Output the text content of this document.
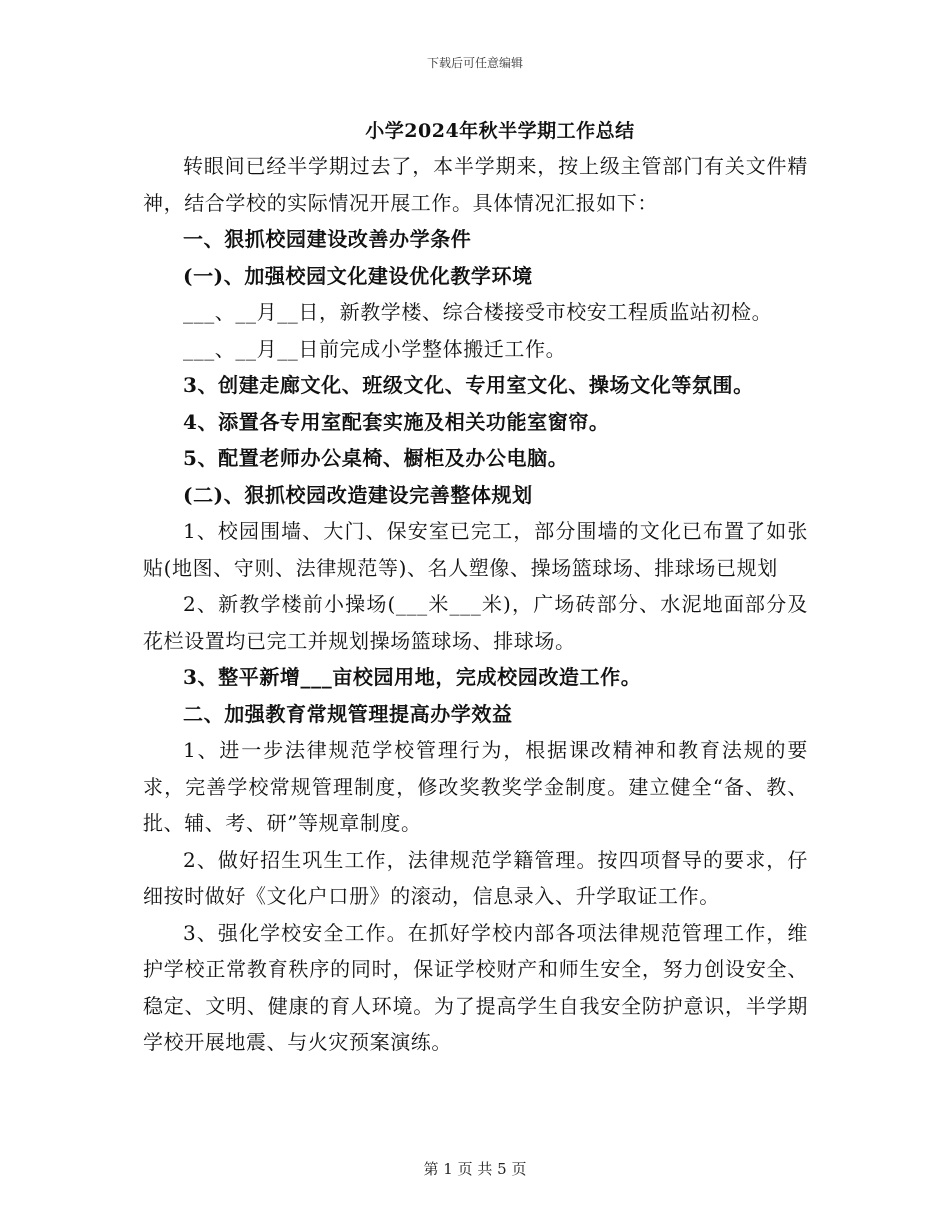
下载后可任意编辑
小学2024年秋半学期工作总结

转眼间已经半学期过去了，本半学期来，按上级主管部门有关文件精神，结合学校的实际情况开展工作。具体情况汇报如下：

一、狠抓校园建设改善办学条件

(一)、加强校园文化建设优化教学环境

___、__月__日，新教学楼、综合楼接受市校安工程质监站初检。

___、__月__日前完成小学整体搬迁工作。

3、创建走廊文化、班级文化、专用室文化、操场文化等氛围。

4、添置各专用室配套实施及相关功能室窗帘。

5、配置老师办公桌椅、橱柜及办公电脑。

(二)、狠抓校园改造建设完善整体规划

1、校园围墙、大门、保安室已完工，部分围墙的文化已布置了如张贴(地图、守则、法律规范等)、名人塑像、操场篮球场、排球场已规划

2、新教学楼前小操场(___米___米)，广场砖部分、水泥地面部分及花栏设置均已完工并规划操场篮球场、排球场。

3、整平新增___亩校园用地，完成校园改造工作。

二、加强教育常规管理提高办学效益

1、进一步法律规范学校管理行为，根据课改精神和教育法规的要求，完善学校常规管理制度，修改奖教奖学金制度。建立健全“备、教、批、辅、考、研”等规章制度。

2、做好招生巩生工作，法律规范学籍管理。按四项督导的要求，仔细按时做好《文化户口册》的滚动，信息录入、升学取证工作。

3、强化学校安全工作。在抓好学校内部各项法律规范管理工作，维护学校正常教育秩序的同时，保证学校财产和师生安全，努力创设安全、稳定、文明、健康的育人环境。为了提高学生自我安全防护意识，半学期学校开展地震、与火灾预案演练。

第 1 页 共 5 页
